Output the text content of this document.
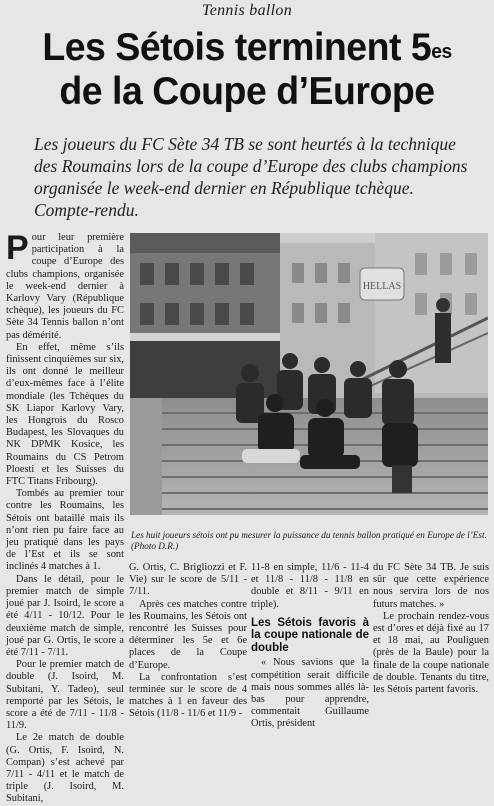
Tennis ballon
Les Sétois terminent $5^{es}$
de la Coupe d’Europe
Les joueurs du FC Sète 34 TB se sont heurtés à la technique des Roumains lors de la coupe d’Europe des clubs champions organisée le week-end dernier en République tchèque. Compte-rendu.

Pour leur première participation à la coupe d’Europe des clubs champions, organisée le week-end dernier à Karlovy Vary (République tchèque), les joueurs du FC Sète 34 Tennis ballon n’ont pas démérité.

En effet, même s’ils finissent cinquièmes sur six, ils ont donné le meilleur d’eux-mêmes face à l’élite mondiale (les Tchèques du SK Liapor Karlovy Vary, les Hongrois du Rosco Budapest, les Slovaques du NK DPMK Kosice, les Roumains du CS Petrom Ploesti et les Suisses du FTC Titans Fribourg).

Tombés au premier tour contre les Roumains, les Sétois ont bataillé mais ils n’ont rien pu faire face au jeu pratiqué dans les pays de l’Est et ils se sont inclinés 4 matches à 1.

Dans le détail, pour le premier match de simple joué par J. Isoird, le score a été 4/11 - 10/12. Pour le deuxième match de simple, joué par G. Ortis, le score a été 7/11 - 7/11.

Pour le premier match de double (J. Isoird, M. Subitani, Y. Tadeo), seul remporté par les Sétois, le score a été de 7/11 - 11/8 - 11/9.

Le 2e match de double (G. Ortis, F. Isoird, N. Compan) s’est achevé par 7/11 - 4/11 et le match de triple (J. Isoird, M. Subitani,

HELLAS
Les huit joueurs sétois ont pu mesurer la puissance du tennis ballon pratiqué en Europe de l’Est. (Photo D.R.)

G. Ortis, C. Brigliozzi et F. Vie) sur le score de 5/11 - 7/11.

Après ces matches contre les Roumains, les Sétois ont rencontré les Suisses pour déterminer les 5e et 6e places de la Coupe d’Europe.

La confrontation s’est terminée sur le score de 4 matches à 1 en faveur des Sétois (11/8 - 11/6 et 11/9 -

11-8 en simple, 11/6 - 11-4 et 11/8 - 11/8 - 11/8 en double et 8/11 - 9/11 en triple).

Les Sétois favoris à la coupe nationale de double

« Nous savions que la compétition serait difficile mais nous sommes allés là-bas pour apprendre, commentait Guillaume Ortis, président

du FC Sète 34 TB. Je suis sûr que cette expérience nous servira lors de nos futurs matches. »

Le prochain rendez-vous est d’ores et déjà fixé au 17 et 18 mai, au Pouliguen (près de la Baule) pour la finale de la coupe nationale de double. Tenants du titre, les Sétois partent favoris.
